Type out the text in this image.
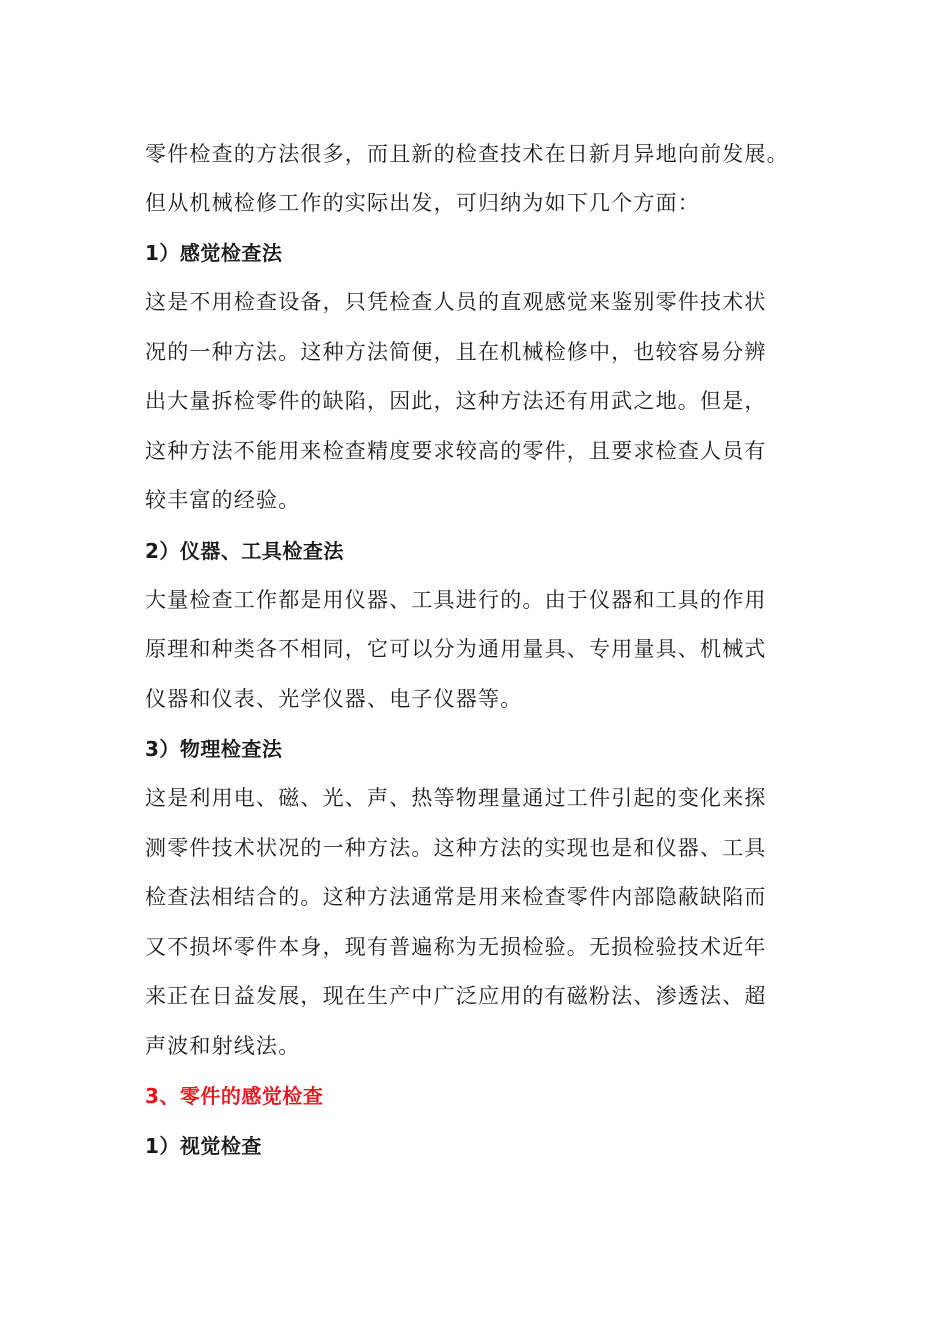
零件检查的方法很多，而且新的检查技术在日新月异地向前发展。
但从机械检修工作的实际出发，可归纳为如下几个方面：
1）感觉检查法
这是不用检查设备，只凭检查人员的直观感觉来鉴别零件技术状
况的一种方法。这种方法简便，且在机械检修中，也较容易分辨
出大量拆检零件的缺陷，因此，这种方法还有用武之地。但是，
这种方法不能用来检查精度要求较高的零件，且要求检查人员有
较丰富的经验。
2）仪器、工具检查法
大量检查工作都是用仪器、工具进行的。由于仪器和工具的作用
原理和种类各不相同，它可以分为通用量具、专用量具、机械式
仪器和仪表、光学仪器、电子仪器等。
3）物理检查法
这是利用电、磁、光、声、热等物理量通过工件引起的变化来探
测零件技术状况的一种方法。这种方法的实现也是和仪器、工具
检查法相结合的。这种方法通常是用来检查零件内部隐蔽缺陷而
又不损坏零件本身，现有普遍称为无损检验。无损检验技术近年
来正在日益发展，现在生产中广泛应用的有磁粉法、渗透法、超
声波和射线法。
3、零件的感觉检查
1）视觉检查
